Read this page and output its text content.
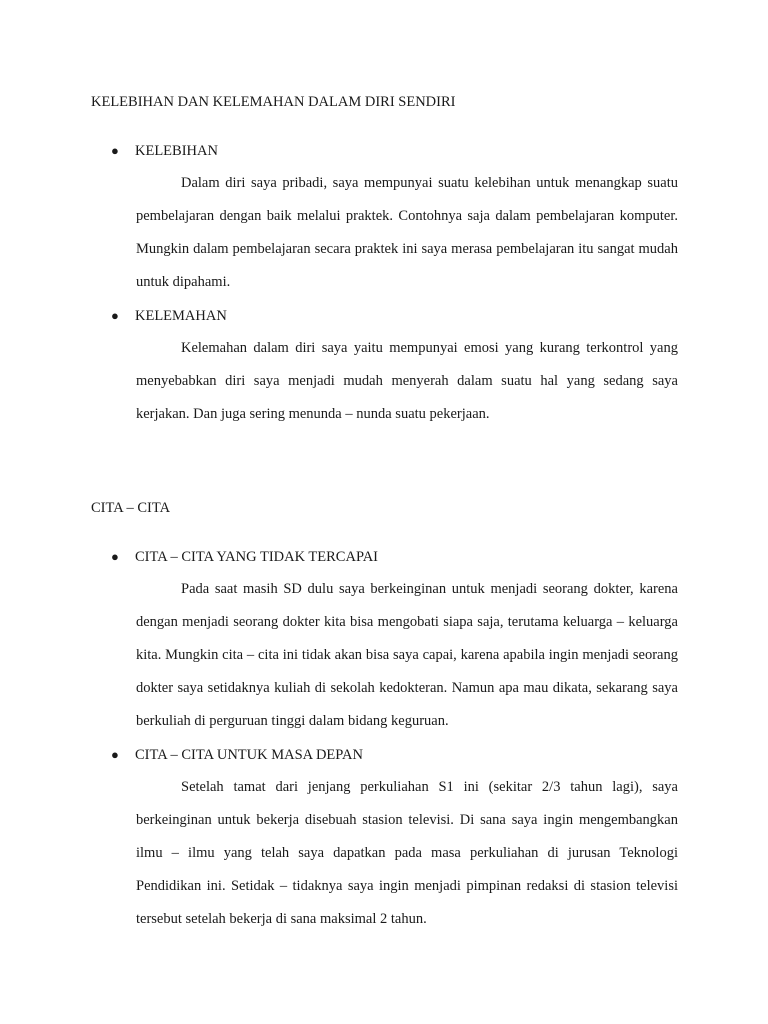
KELEBIHAN DAN KELEMAHAN DALAM DIRI SENDIRI
● KELEBIHAN

Dalam diri saya pribadi, saya mempunyai suatu kelebihan untuk menangkap suatu pembelajaran dengan baik melalui praktek. Contohnya saja dalam pembelajaran komputer. Mungkin dalam pembelajaran secara praktek ini saya merasa pembelajaran itu sangat mudah untuk dipahami.

● KELEMAHAN

Kelemahan dalam diri saya yaitu mempunyai emosi yang kurang terkontrol yang menyebabkan diri saya menjadi mudah menyerah dalam suatu hal yang sedang saya kerjakan. Dan juga sering menunda – nunda suatu pekerjaan.

CITA – CITA
● CITA – CITA YANG TIDAK TERCAPAI

Pada saat masih SD dulu saya berkeinginan untuk menjadi seorang dokter, karena dengan menjadi seorang dokter kita bisa mengobati siapa saja, terutama keluarga – keluarga kita. Mungkin cita – cita ini tidak akan bisa saya capai, karena apabila ingin menjadi seorang dokter saya setidaknya kuliah di sekolah kedokteran. Namun apa mau dikata, sekarang saya berkuliah di perguruan tinggi dalam bidang keguruan.

● CITA – CITA UNTUK MASA DEPAN

Setelah tamat dari jenjang perkuliahan S1 ini (sekitar 2/3 tahun lagi), saya berkeinginan untuk bekerja disebuah stasion televisi. Di sana saya ingin mengembangkan ilmu – ilmu yang telah saya dapatkan pada masa perkuliahan di jurusan Teknologi Pendidikan ini. Setidak – tidaknya saya ingin menjadi pimpinan redaksi di stasion televisi tersebut setelah bekerja di sana maksimal 2 tahun.
